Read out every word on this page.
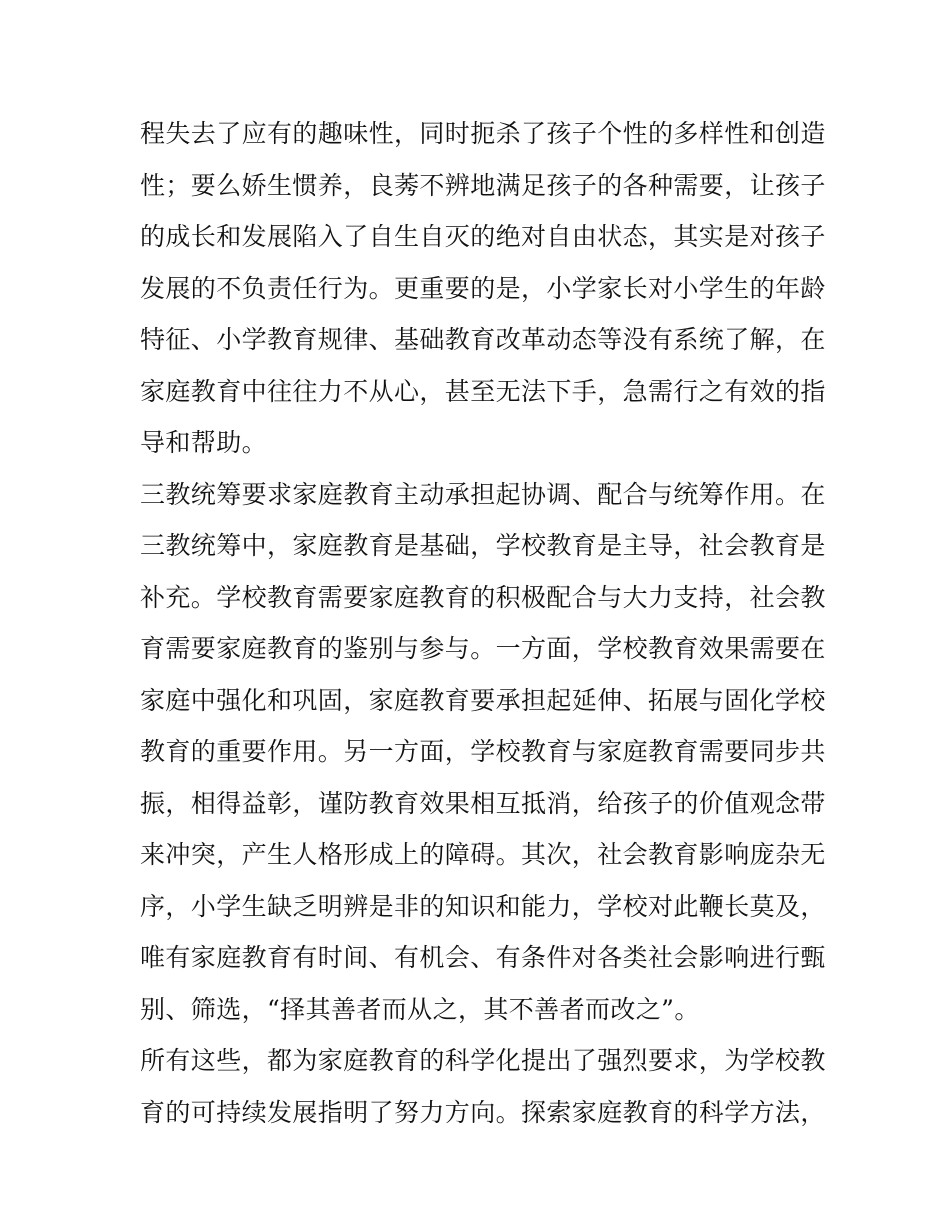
程失去了应有的趣味性，同时扼杀了孩子个性的多样性和创造
性；要么娇生惯养，良莠不辨地满足孩子的各种需要，让孩子
的成长和发展陷入了自生自灭的绝对自由状态，其实是对孩子
发展的不负责任行为。更重要的是，小学家长对小学生的年龄
特征、小学教育规律、基础教育改革动态等没有系统了解，在
家庭教育中往往力不从心，甚至无法下手，急需行之有效的指
导和帮助。
三教统筹要求家庭教育主动承担起协调、配合与统筹作用。在
三教统筹中，家庭教育是基础，学校教育是主导，社会教育是
补充。学校教育需要家庭教育的积极配合与大力支持，社会教
育需要家庭教育的鉴别与参与。一方面，学校教育效果需要在
家庭中强化和巩固，家庭教育要承担起延伸、拓展与固化学校
教育的重要作用。另一方面，学校教育与家庭教育需要同步共
振，相得益彰，谨防教育效果相互抵消，给孩子的价值观念带
来冲突，产生人格形成上的障碍。其次，社会教育影响庞杂无
序，小学生缺乏明辨是非的知识和能力，学校对此鞭长莫及，
唯有家庭教育有时间、有机会、有条件对各类社会影响进行甄
别、筛选，“择其善者而从之，其不善者而改之”。
所有这些，都为家庭教育的科学化提出了强烈要求，为学校教
育的可持续发展指明了努力方向。探索家庭教育的科学方法，
